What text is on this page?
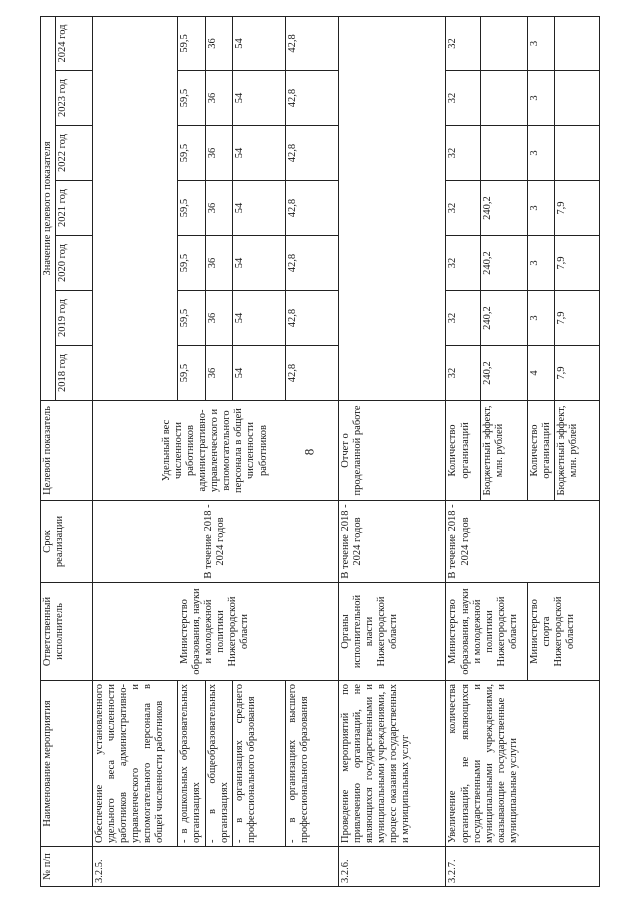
8
№ п/п	Наименование мероприятия	Ответственный исполнитель	Срок реализации	Целевой показатель	Значение целевого показателя						
					2018 год	2019 год	2020 год	2021 год	2022 год	2023 год	2024 год
3.2.5.	Обеспечение установленного удельного веса численности работников административно-управленческого и вспомогательного персонала в общей численности работников	Министерство образования, науки и молодежной политики Нижегородской области	В течение 2018 - 2024 годов	Удельный вес численности работников административно-управленческого и вспомогательного персонала в общей численности работников							
	- в дошкольных образовательных организациях				59,5	59,5	59,5	59,5	59,5	59,5	59,5
	- в общеобразовательных организациях				36	36	36	36	36	36	36
	- в организациях среднего профессионального образования				54	54	54	54	54	54	54
	- в организациях высшего профессионального образования				42,8	42,8	42,8	42,8	42,8	42,8	42,8
3.2.6.	Проведение мероприятий по привлечению организаций, не являющихся государственными и муниципальными учреждениями, в процесс оказания государственных и муниципальных услуг	Органы исполнительной власти Нижегородской области	В течение 2018 - 2024 годов	Отчет о проделанной работе							
3.2.7.	Увеличение количества организаций, не являющихся государственными и муниципальными учреждениями, оказывающие государственные и муниципальные услуги	Министерство образования, науки и молодежной политики Нижегородской области	В течение 2018 - 2024 годов	Количество организаций	32	32	32	32	32	32	32
				Бюджетный эффект, млн. рублей	240,2	240,2	240,2	240,2			
		Министерство спорта Нижегородской области		Количество организаций	4	3	3	3	3	3	3
				Бюджетный эффект, млн. рублей	7,9	7,9	7,9	7,9			
